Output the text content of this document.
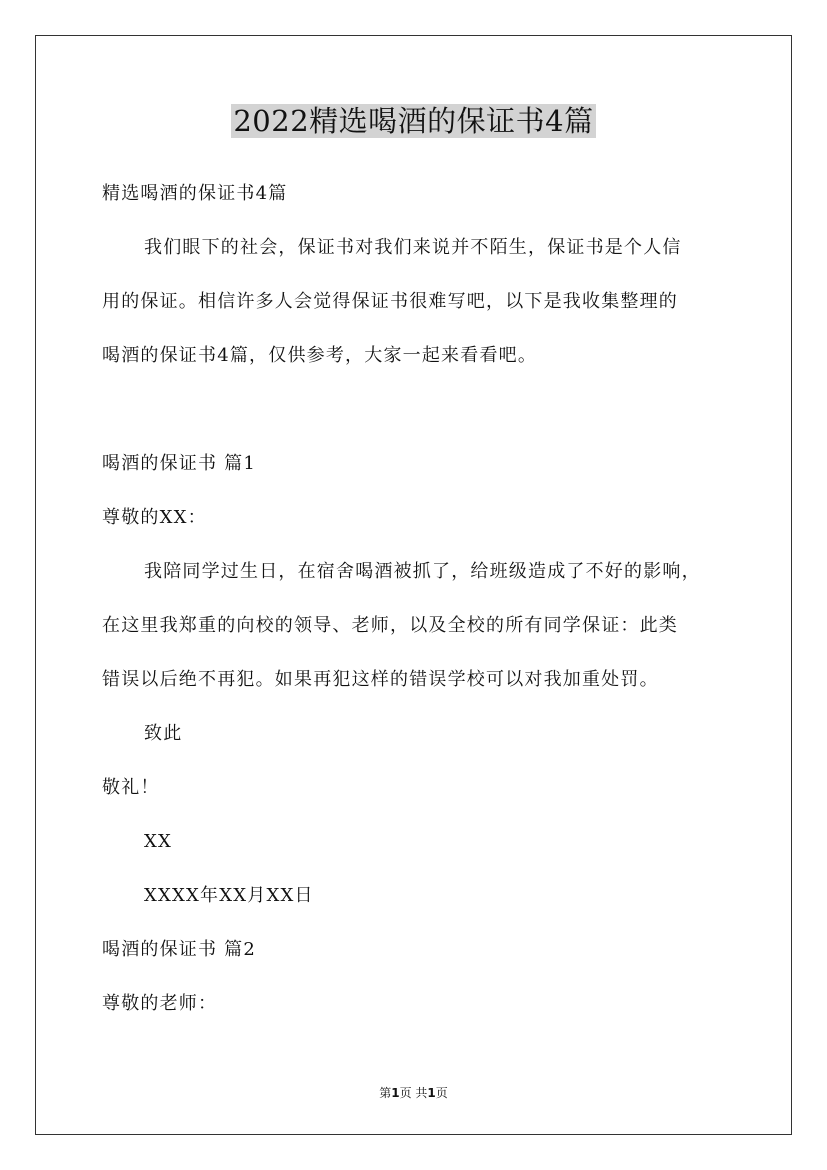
2022精选喝酒的保证书4篇

精选喝酒的保证书4篇

我们眼下的社会，保证书对我们来说并不陌生，保证书是个人信

用的保证。相信许多人会觉得保证书很难写吧，以下是我收集整理的

喝酒的保证书4篇，仅供参考，大家一起来看看吧。

喝酒的保证书 篇1

尊敬的XX：

我陪同学过生日，在宿舍喝酒被抓了，给班级造成了不好的影响，

在这里我郑重的向校的领导、老师，以及全校的所有同学保证：此类

错误以后绝不再犯。如果再犯这样的错误学校可以对我加重处罚。

致此

敬礼！

XX

XXXX年XX月XX日

喝酒的保证书 篇2

尊敬的老师：

第1页 共1页
